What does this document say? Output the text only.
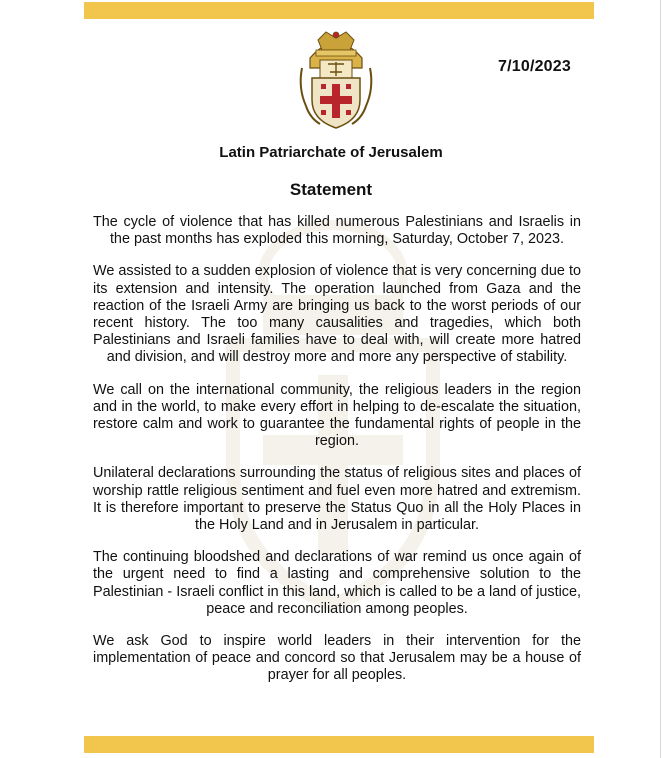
7/10/2023
Latin Patriarchate of Jerusalem
Statement

The cycle of violence that has killed numerous Palestinians and Israelis in the past months has exploded this morning, Saturday, October 7, 2023.

We assisted to a sudden explosion of violence that is very concerning due to its extension and intensity. The operation launched from Gaza and the reaction of the Israeli Army are bringing us back to the worst periods of our recent history. The too many causalities and tragedies, which both Palestinians and Israeli families have to deal with, will create more hatred and division, and will destroy more and more any perspective of stability.

We call on the international community, the religious leaders in the region and in the world, to make every effort in helping to de-escalate the situation, restore calm and work to guarantee the fundamental rights of people in the region.

Unilateral declarations surrounding the status of religious sites and places of worship rattle religious sentiment and fuel even more hatred and extremism. It is therefore important to preserve the Status Quo in all the Holy Places in the Holy Land and in Jerusalem in particular.

The continuing bloodshed and declarations of war remind us once again of the urgent need to find a lasting and comprehensive solution to the Palestinian - Israeli conflict in this land, which is called to be a land of justice, peace and reconciliation among peoples.

We ask God to inspire world leaders in their intervention for the implementation of peace and concord so that Jerusalem may be a house of prayer for all peoples.
